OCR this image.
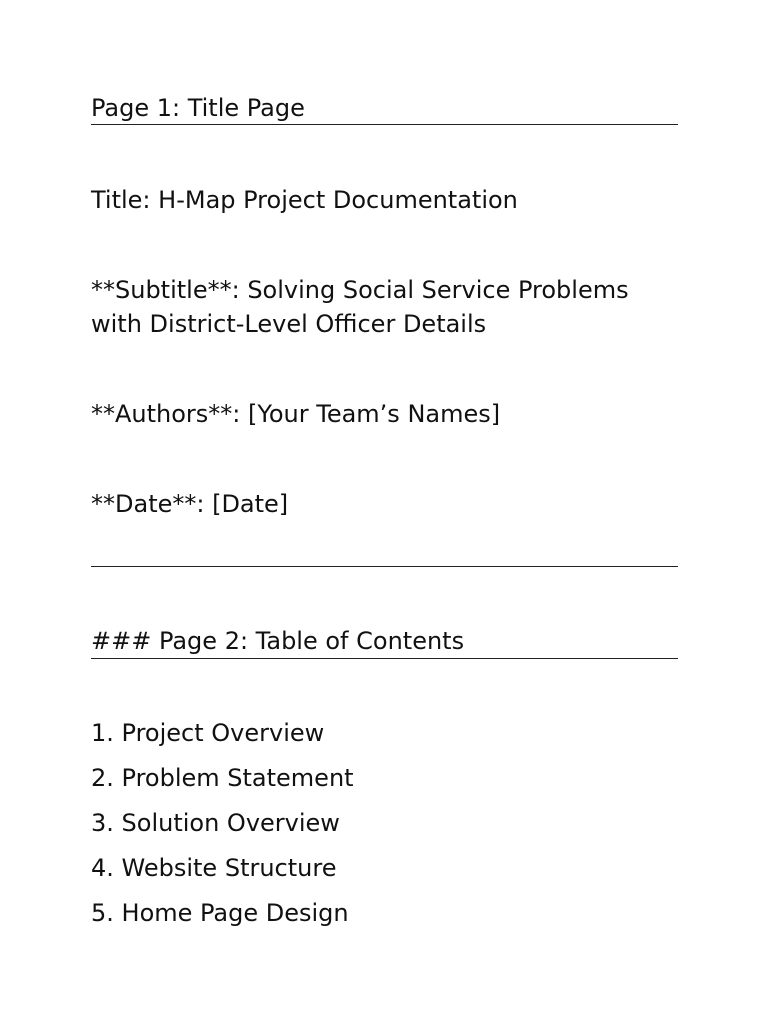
Page 1: Title Page
Title: H-Map Project Documentation
**Subtitle**: Solving Social Service Problems with District-Level Officer Details
**Authors**: [Your Team’s Names]
**Date**: [Date]
### Page 2: Table of Contents
1. Project Overview
2. Problem Statement
3. Solution Overview
4. Website Structure
5. Home Page Design
